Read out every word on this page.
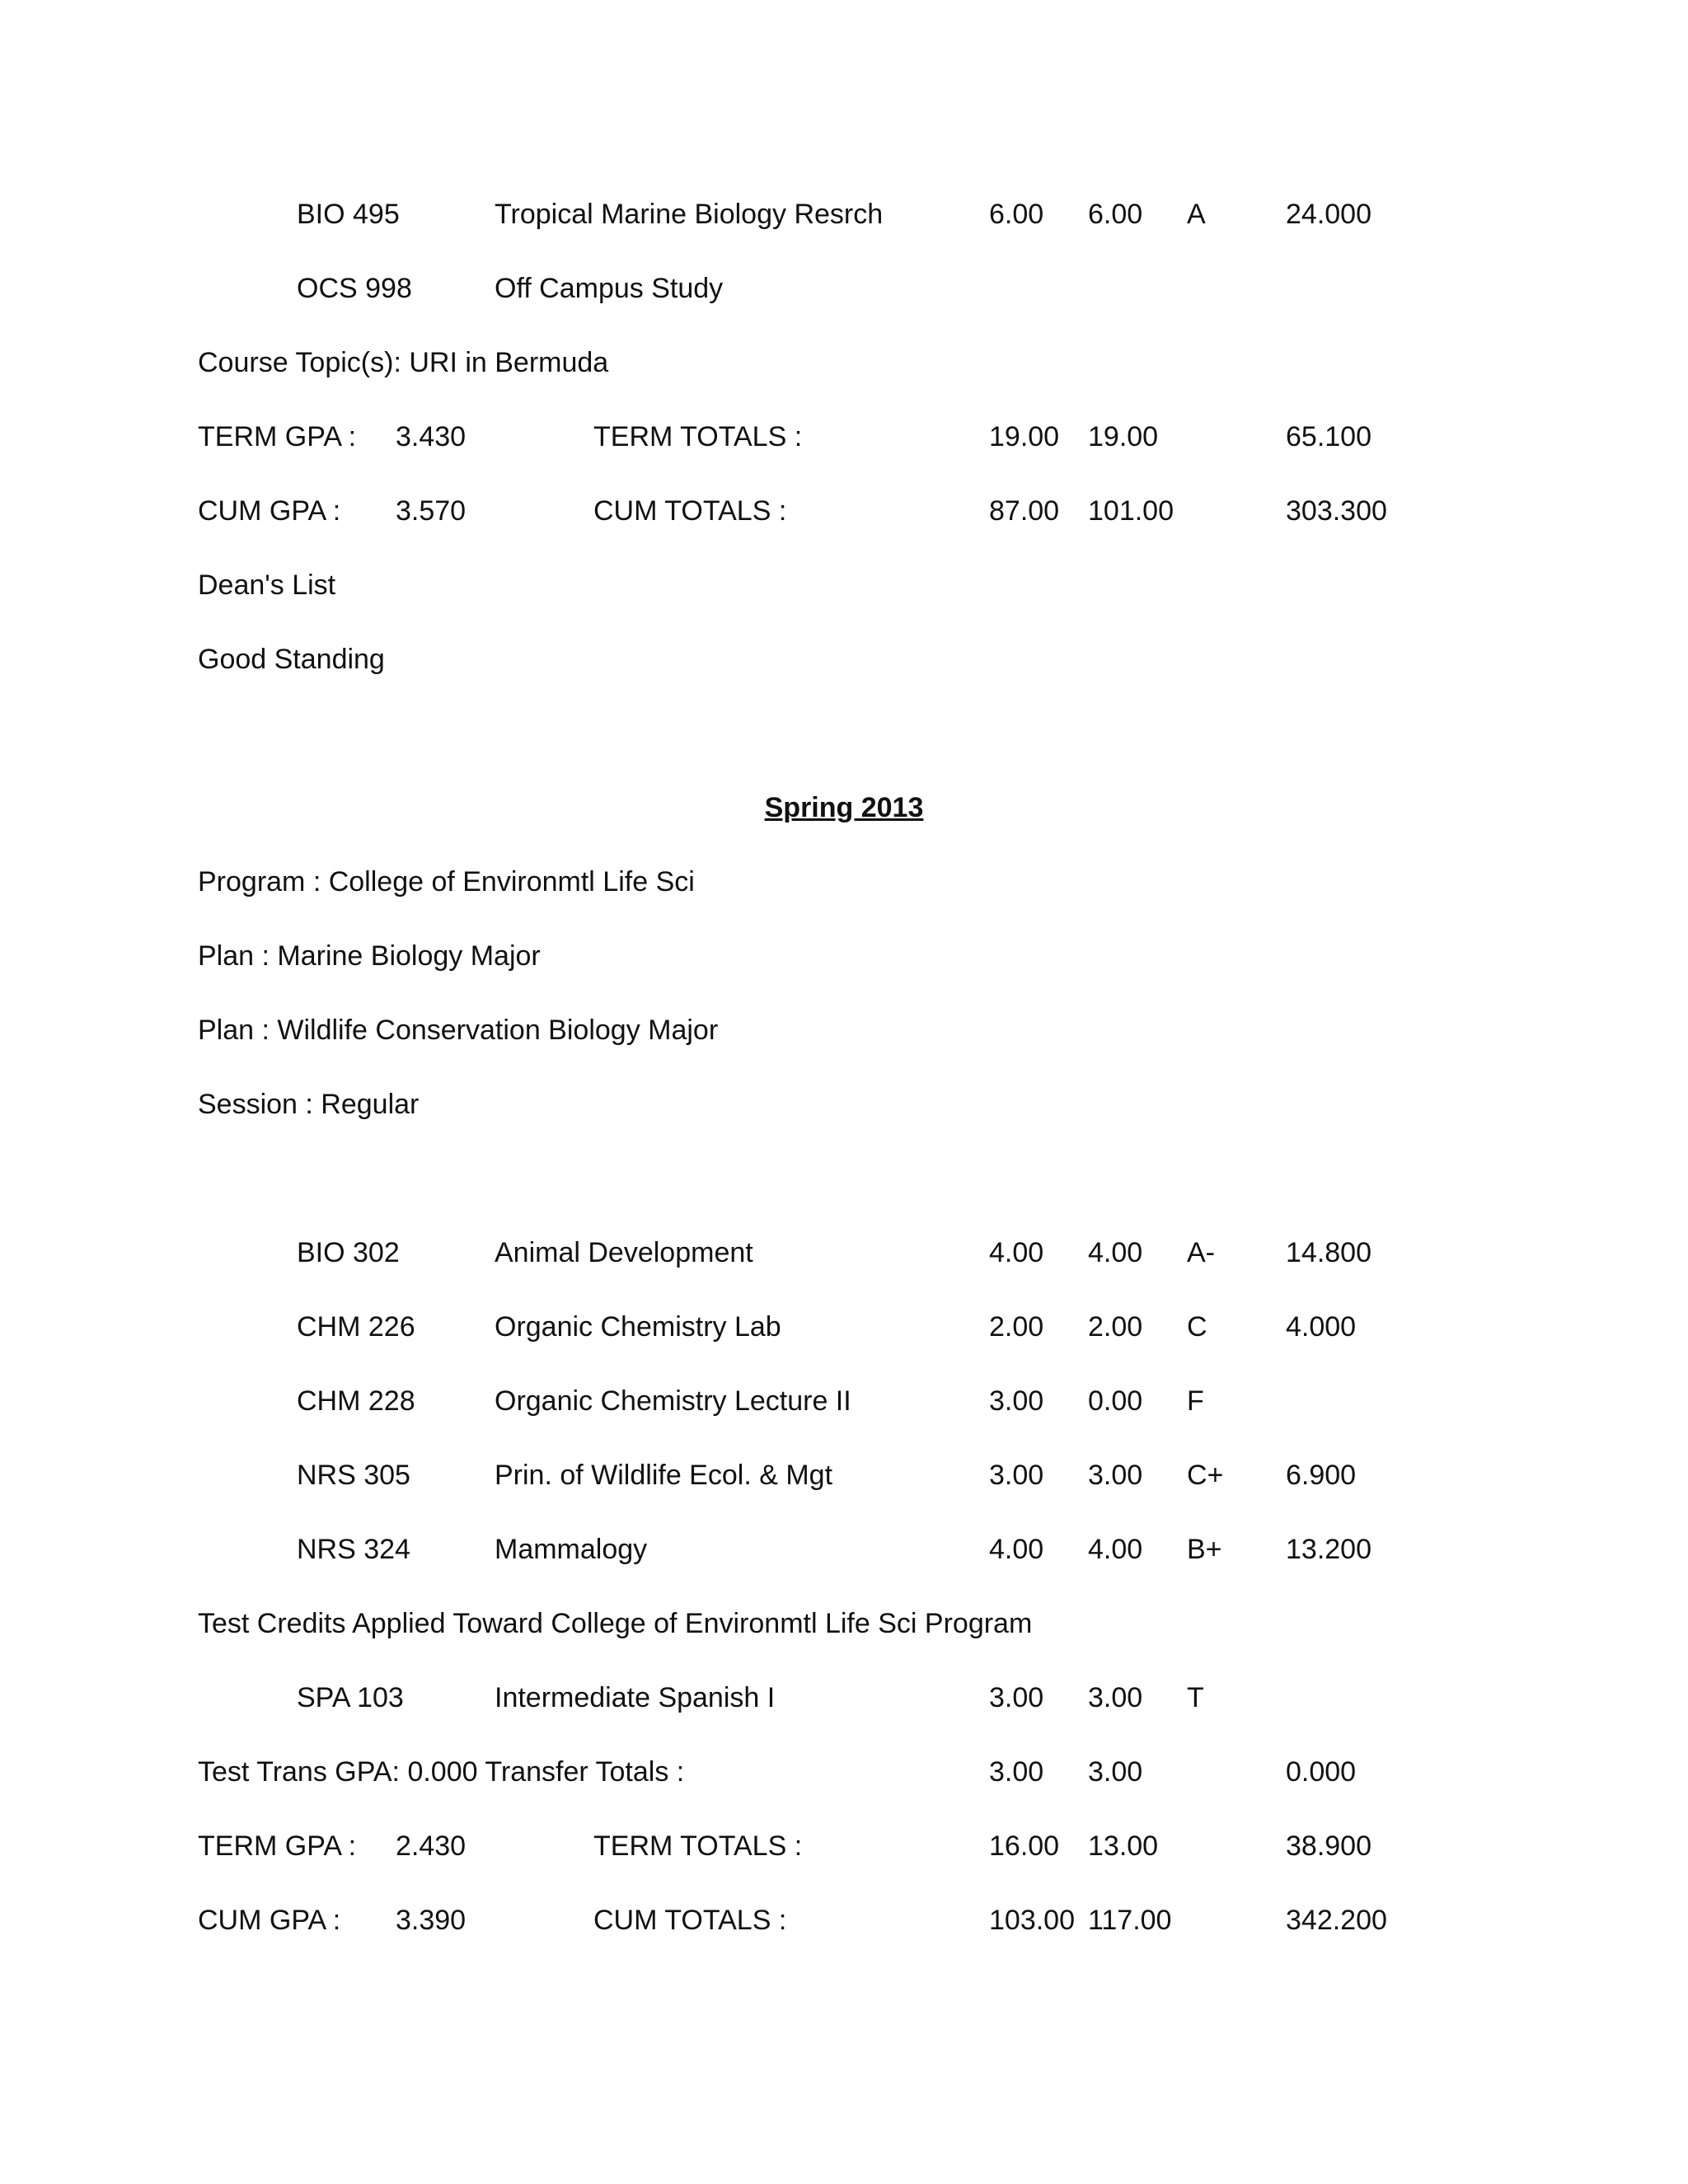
BIO 495	Tropical Marine Biology Resrch	6.00 6.00 A	24.000
OCS 998	Off Campus Study
Course Topic(s): URI in Bermuda
TERM GPA : 3.430	TERM TOTALS :	19.00 19.00	65.100
CUM GPA : 3.570	CUM TOTALS :	87.00 101.00	303.300
Dean's List
Good Standing
Spring 2013
Program : College of Environmtl Life Sci
Plan : Marine Biology Major
Plan : Wildlife Conservation Biology Major
Session : Regular
BIO 302	Animal Development	4.00 4.00 A-	14.800
CHM 226	Organic Chemistry Lab	2.00 2.00 C	4.000
CHM 228	Organic Chemistry Lecture II	3.00 0.00 F
NRS 305	Prin. of Wildlife Ecol. & Mgt	3.00 3.00 C+ 6.900
NRS 324	Mammalogy	4.00 4.00 B+ 13.200
Test Credits Applied Toward College of Environmtl Life Sci Program
SPA 103	Intermediate Spanish I	3.00 3.00 T
Test Trans GPA: 0.000 Transfer Totals :	3.00 3.00	0.000
TERM GPA : 2.430	TERM TOTALS :	16.00 13.00	38.900
CUM GPA : 3.390	CUM TOTALS :	103.00 117.00	342.200
